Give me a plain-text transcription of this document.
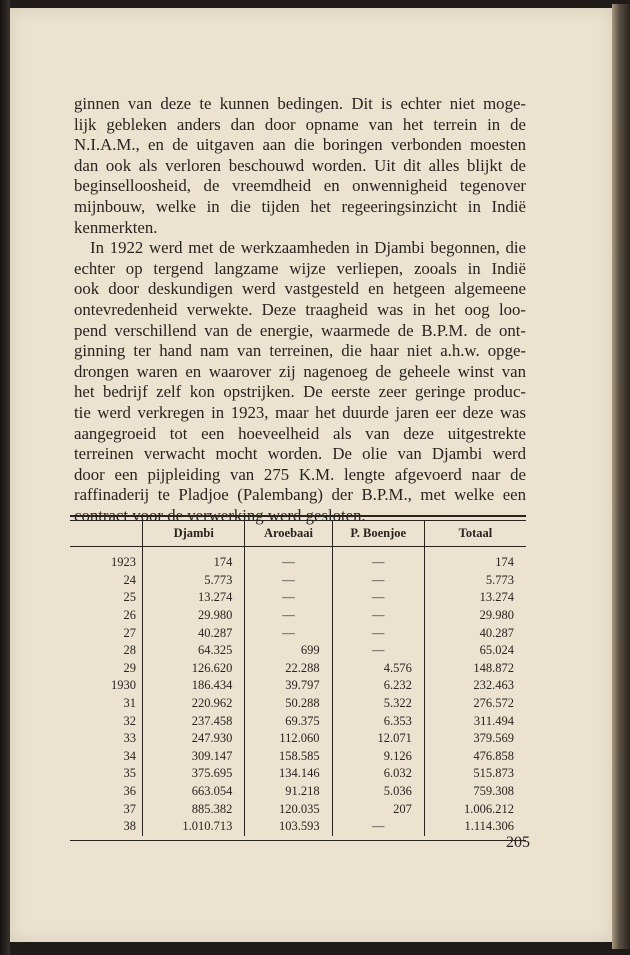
ginnen van deze te kunnen bedingen. Dit is echter niet moge-
lijk gebleken anders dan door opname van het terrein in de
N.I.A.M., en de uitgaven aan die boringen verbonden moesten
dan ook als verloren beschouwd worden. Uit dit alles blijkt de
beginselloosheid, de vreemdheid en onwennigheid tegenover
mijnbouw, welke in die tijden het regeeringsinzicht in Indië
kenmerkten.

In 1922 werd met de werkzaamheden in Djambi begonnen, die
echter op tergend langzame wijze verliepen, zooals in Indië
ook door deskundigen werd vastgesteld en hetgeen algemeene
ontevredenheid verwekte. Deze traagheid was in het oog loo-
pend verschillend van de energie, waarmede de B.P.M. de ont-
ginning ter hand nam van terreinen, die haar niet a.h.w. opge-
drongen waren en waarover zij nagenoeg de geheele winst van
het bedrijf zelf kon opstrijken. De eerste zeer geringe produc-
tie werd verkregen in 1923, maar het duurde jaren eer deze was
aangegroeid tot een hoeveelheid als van deze uitgestrekte
terreinen verwacht mocht worden. De olie van Djambi werd
door een pijpleiding van 275 K.M. lengte afgevoerd naar de
raffinaderij te Pladjoe (Palembang) der B.P.M., met welke een
contract voor de verwerking werd gesloten.

	Djambi	Aroebaai	P. Boenjoe	Totaal
1923	174	—	—	174
24	5.773	—	—	5.773
25	13.274	—	—	13.274
26	29.980	—	—	29.980
27	40.287	—	—	40.287
28	64.325	699	—	65.024
29	126.620	22.288	4.576	148.872
1930	186.434	39.797	6.232	232.463
31	220.962	50.288	5.322	276.572
32	237.458	69.375	6.353	311.494
33	247.930	112.060	12.071	379.569
34	309.147	158.585	9.126	476.858
35	375.695	134.146	6.032	515.873
36	663.054	91.218	5.036	759.308
37	885.382	120.035	207	1.006.212
38	1.010.713	103.593	—	1.114.306
205
